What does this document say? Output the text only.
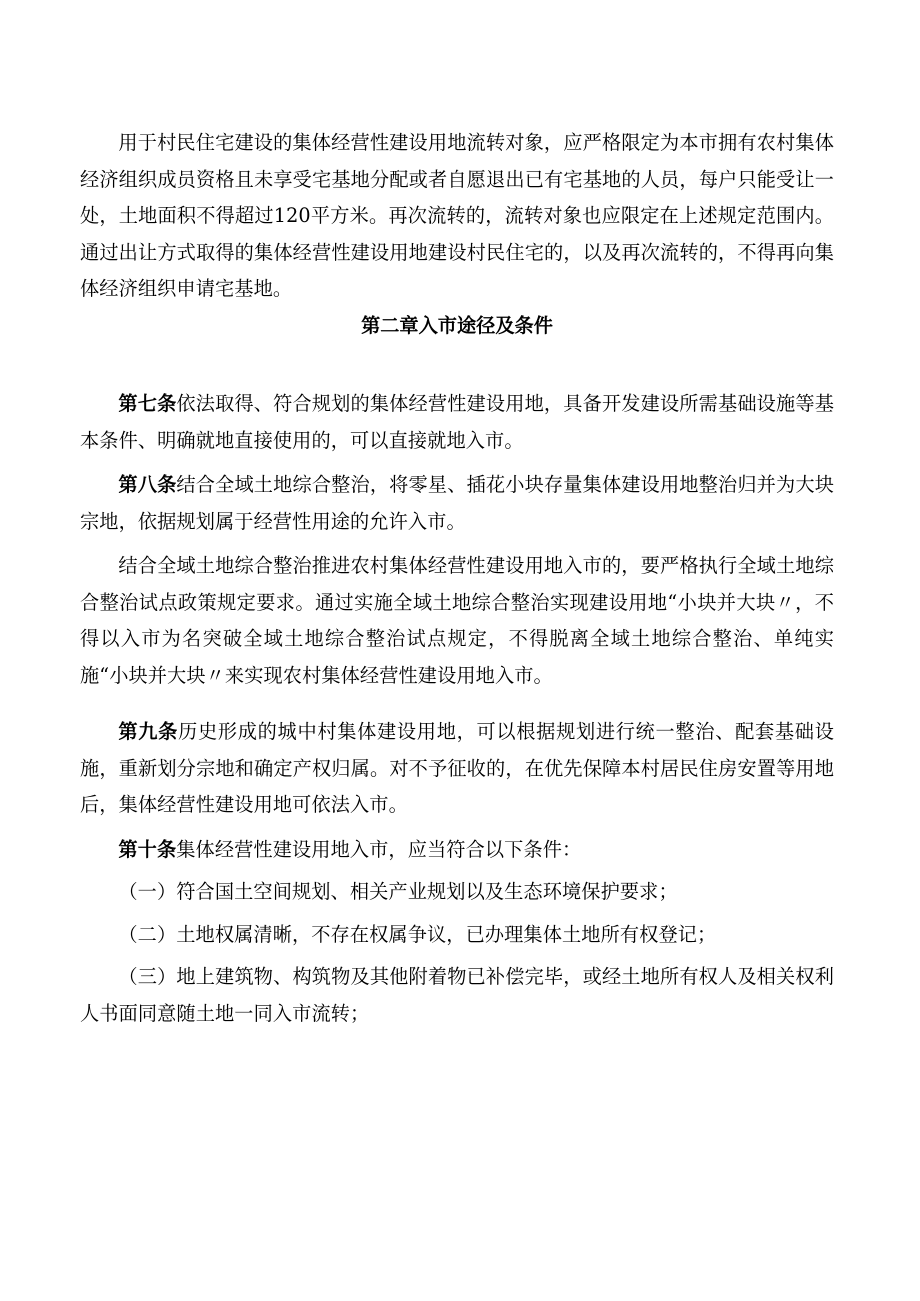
用于村民住宅建设的集体经营性建设用地流转对象，应严格限定为本市拥有农村集体经济组织成员资格且未享受宅基地分配或者自愿退出已有宅基地的人员，每户只能受让一处，土地面积不得超过120平方米。再次流转的，流转对象也应限定在上述规定范围内。通过出让方式取得的集体经营性建设用地建设村民住宅的，以及再次流转的，不得再向集体经济组织申请宅基地。

第二章入市途径及条件

第七条依法取得、符合规划的集体经营性建设用地，具备开发建设所需基础设施等基本条件、明确就地直接使用的，可以直接就地入市。

第八条结合全域土地综合整治，将零星、插花小块存量集体建设用地整治归并为大块宗地，依据规划属于经营性用途的允许入市。

结合全域土地综合整治推进农村集体经营性建设用地入市的，要严格执行全域土地综合整治试点政策规定要求。通过实施全域土地综合整治实现建设用地“小块并大块〃，不得以入市为名突破全域土地综合整治试点规定，不得脱离全域土地综合整治、单纯实施“小块并大块〃来实现农村集体经营性建设用地入市。

第九条历史形成的城中村集体建设用地，可以根据规划进行统一整治、配套基础设施，重新划分宗地和确定产权归属。对不予征收的，在优先保障本村居民住房安置等用地后，集体经营性建设用地可依法入市。

第十条集体经营性建设用地入市，应当符合以下条件：

（一）符合国土空间规划、相关产业规划以及生态环境保护要求；

（二）土地权属清晰，不存在权属争议，已办理集体土地所有权登记；

（三）地上建筑物、构筑物及其他附着物已补偿完毕，或经土地所有权人及相关权利人书面同意随土地一同入市流转；
